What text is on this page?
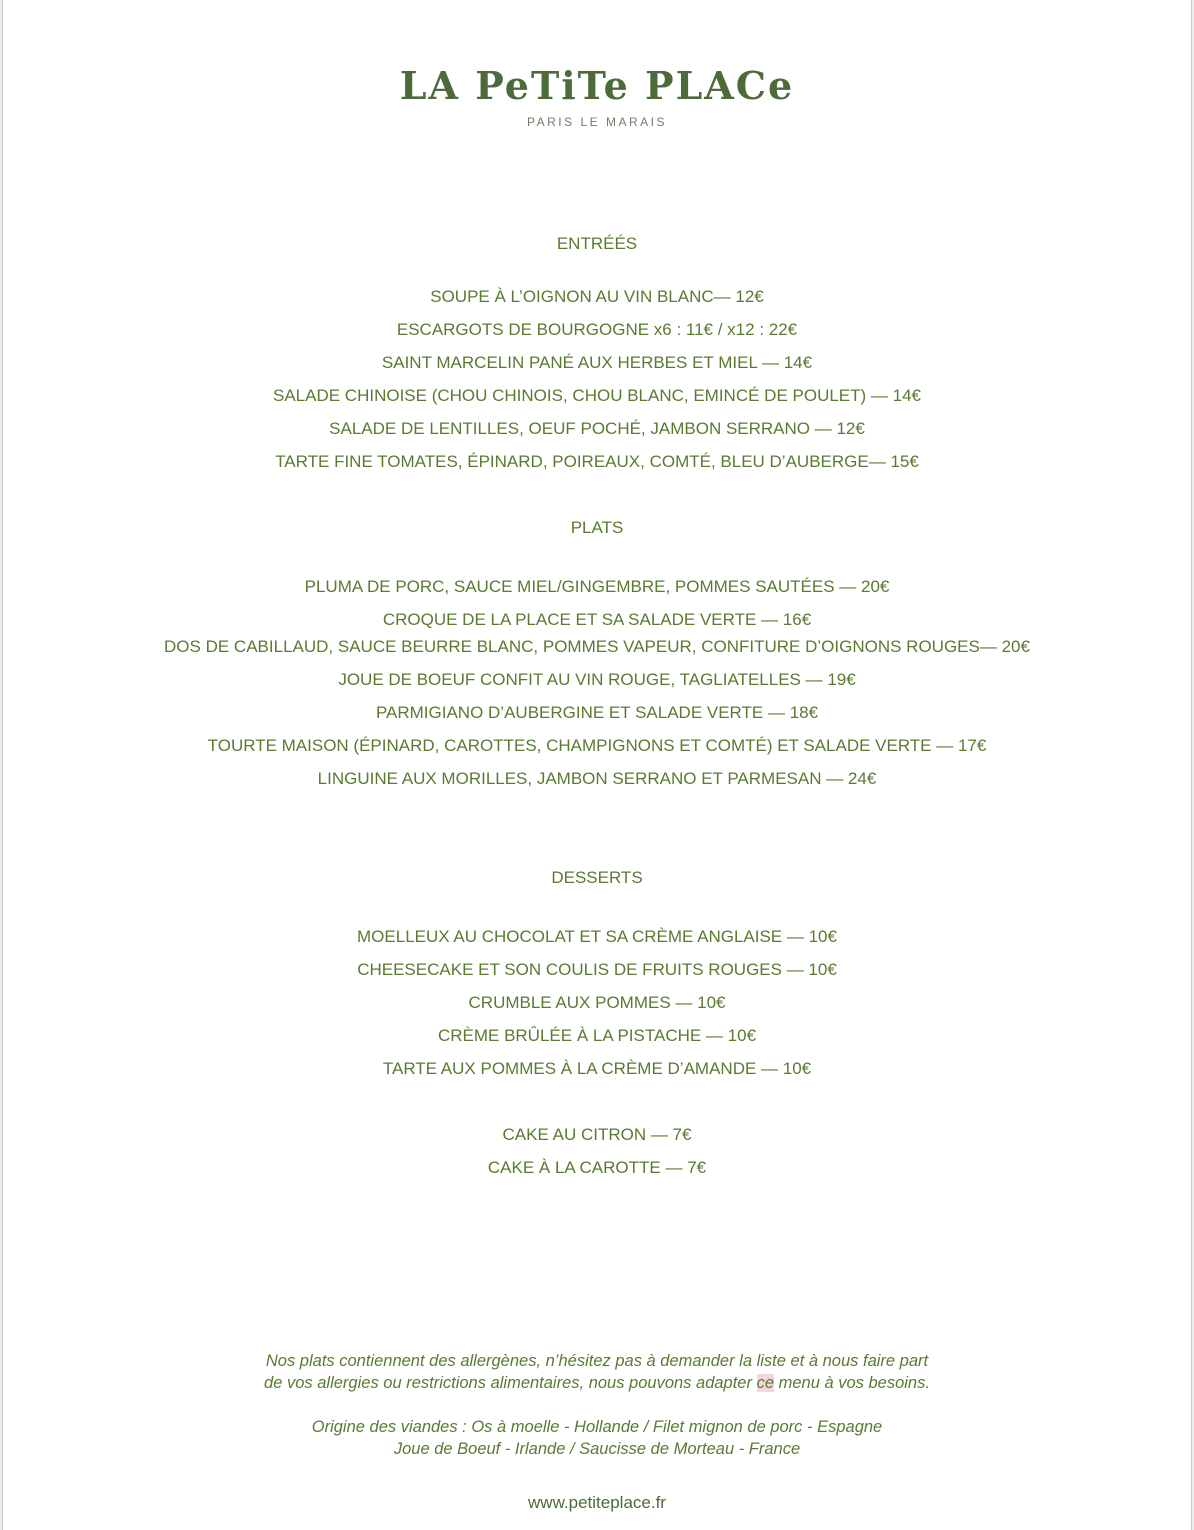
LA PeTiTe PLACe
PARIS LE MARAIS
ENTRÉÉS
SOUPE À L’OIGNON AU VIN BLANC— 12€
ESCARGOTS DE BOURGOGNE x6 : 11€ / x12 : 22€
SAINT MARCELIN PANÉ AUX HERBES ET MIEL — 14€
SALADE CHINOISE (CHOU CHINOIS, CHOU BLANC, EMINCÉ DE POULET) — 14€
SALADE DE LENTILLES, OEUF POCHÉ, JAMBON SERRANO — 12€
TARTE FINE TOMATES, ÉPINARD, POIREAUX, COMTÉ, BLEU D’AUBERGE— 15€
PLATS
PLUMA DE PORC, SAUCE MIEL/GINGEMBRE, POMMES SAUTÉES — 20€
CROQUE DE LA PLACE ET SA SALADE VERTE — 16€
DOS DE CABILLAUD, SAUCE BEURRE BLANC, POMMES VAPEUR, CONFITURE D’OIGNONS ROUGES— 20€
JOUE DE BOEUF CONFIT AU VIN ROUGE, TAGLIATELLES — 19€
PARMIGIANO D’AUBERGINE ET SALADE VERTE — 18€
TOURTE MAISON (ÉPINARD, CAROTTES, CHAMPIGNONS ET COMTÉ) ET SALADE VERTE — 17€
LINGUINE AUX MORILLES, JAMBON SERRANO ET PARMESAN — 24€
DESSERTS
MOELLEUX AU CHOCOLAT ET SA CRÈME ANGLAISE — 10€
CHEESECAKE ET SON COULIS DE FRUITS ROUGES — 10€
CRUMBLE AUX POMMES — 10€
CRÈME BRÛLÉE À LA PISTACHE — 10€
TARTE AUX POMMES À LA CRÈME D’AMANDE — 10€
CAKE AU CITRON — 7€
CAKE À LA CAROTTE — 7€
Nos plats contiennent des allergènes, n’hésitez pas à demander la liste et à nous faire part
de vos allergies ou restrictions alimentaires, nous pouvons adapter ce menu à vos besoins.
Origine des viandes : Os à moelle - Hollande / Filet mignon de porc - Espagne
Joue de Boeuf - Irlande / Saucisse de Morteau - France
www.petiteplace.fr
